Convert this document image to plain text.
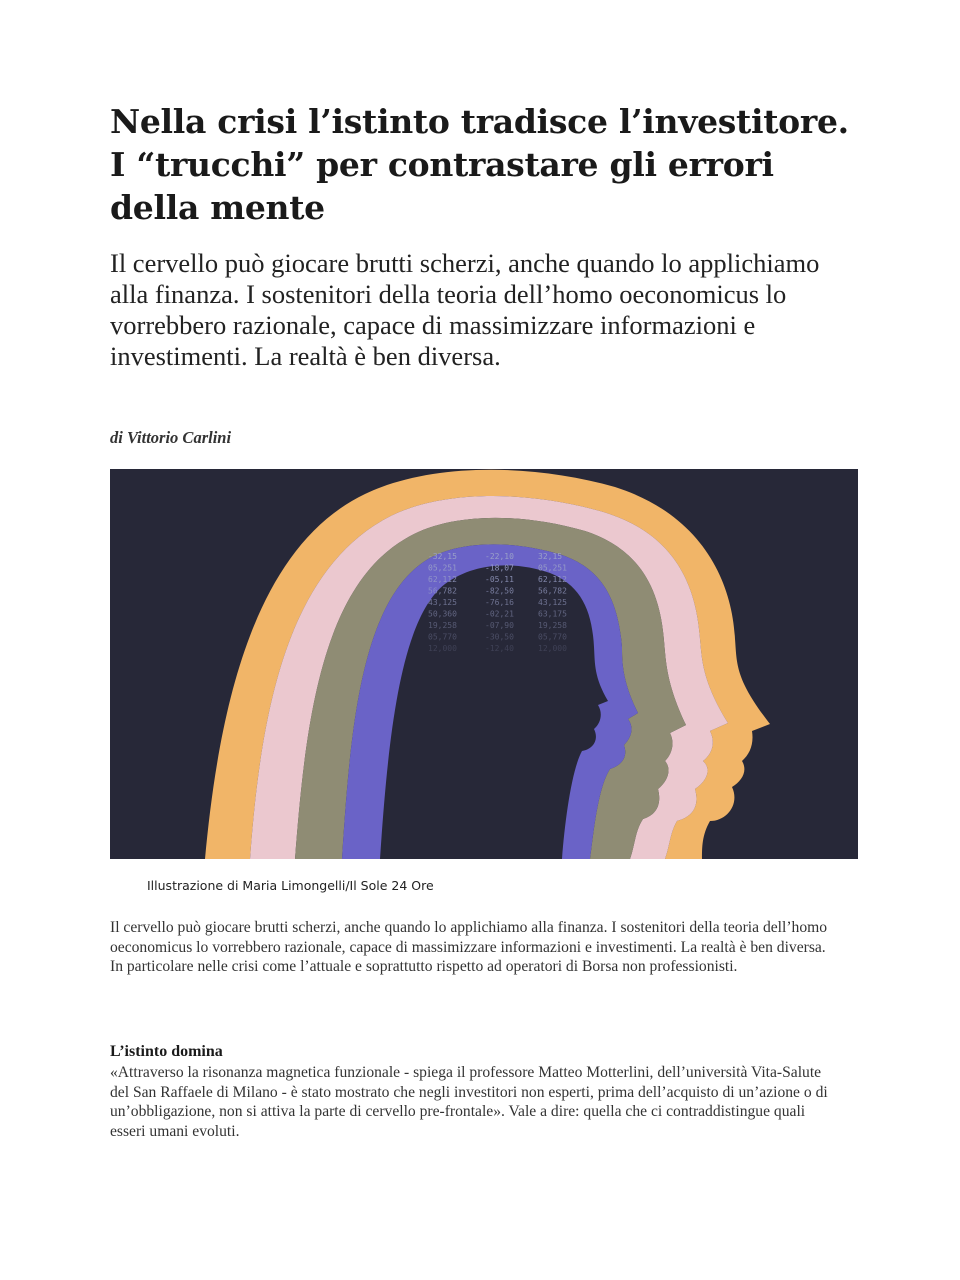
Nella crisi l’istinto tradisce l’investitore. I “trucchi” per contrastare gli errori della mente

Il cervello può giocare brutti scherzi, anche quando lo applichiamo alla finanza. I sostenitori della teoria dell’homo oeconomicus lo vorrebbero razionale, capace di massimizzare informazioni e investimenti. La realtà è ben diversa.

di Vittorio Carlini

-32,15
05,251
62,112
56,782
43,125
50,360
19,258
05,770
12,000
-22,10
-18,07
-05,11
-82,50
-76,16
-02,21
-07,90
-30,50
-12,40
32,15
05,251
62,112
56,782
43,125
63,175
19,258
05,770
12,000

Illustrazione di Maria Limongelli/Il Sole 24 Ore

Il cervello può giocare brutti scherzi, anche quando lo applichiamo alla finanza. I sostenitori della teoria dell’homo oeconomicus lo vorrebbero razionale, capace di massimizzare informazioni e investimenti. La realtà è ben diversa. In particolare nelle crisi come l’attuale e soprattutto rispetto ad operatori di Borsa non professionisti.

L’istinto domina

«Attraverso la risonanza magnetica funzionale - spiega il professore Matteo Motterlini, dell’università Vita-Salute del San Raffaele di Milano - è stato mostrato che negli investitori non esperti, prima dell’acquisto di un’azione o di un’obbligazione, non si attiva la parte di cervello pre-frontale». Vale a dire: quella che ci contraddistingue quali esseri umani evoluti.
